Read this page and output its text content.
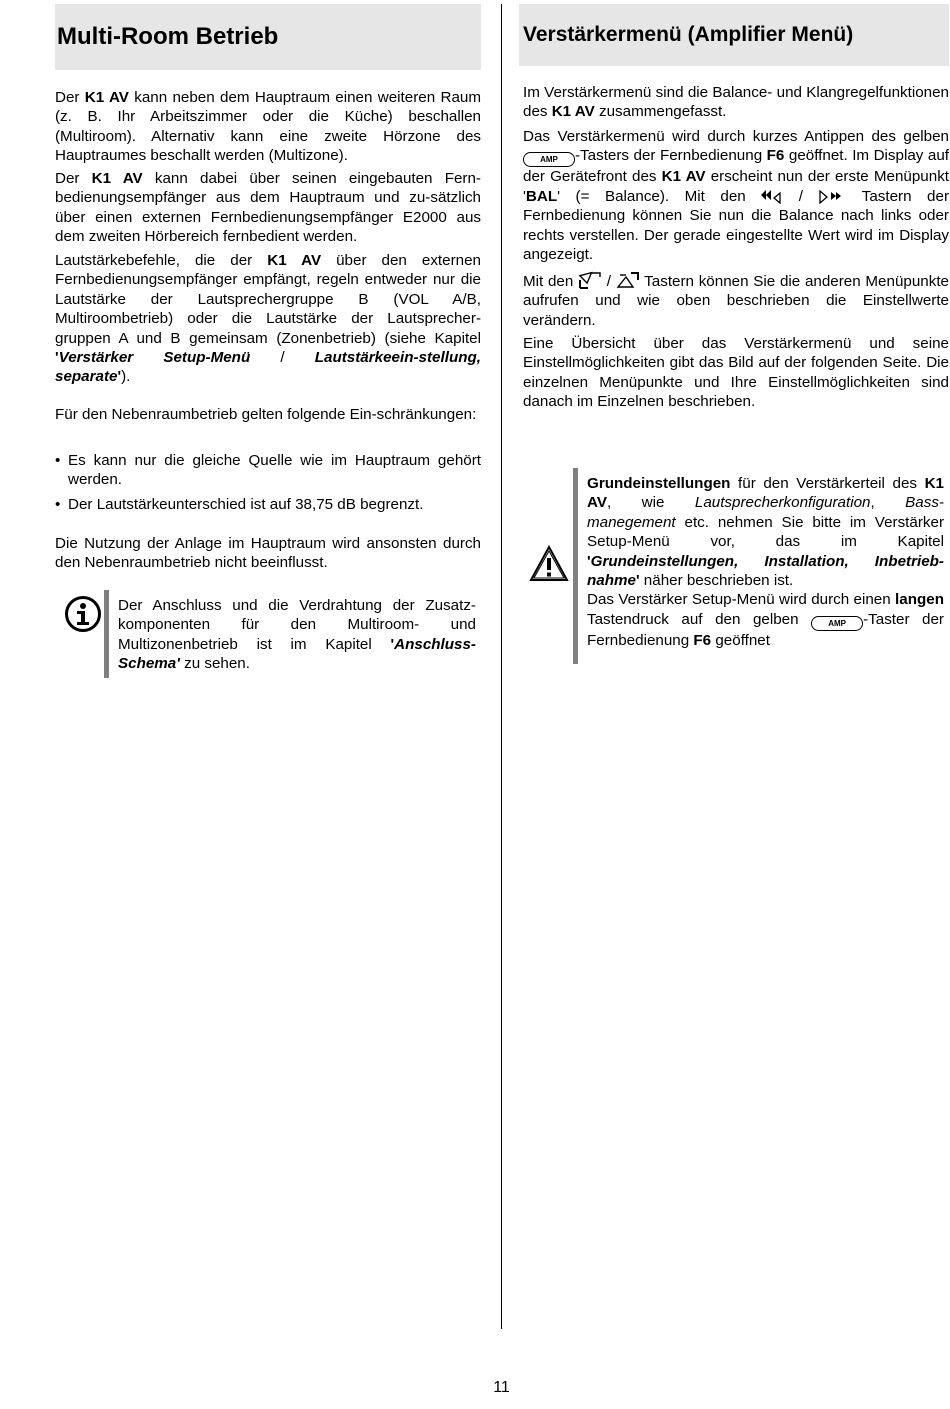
Multi-Room Betrieb

Der K1 AV kann neben dem Hauptraum einen weiteren Raum (z. B. Ihr Arbeitszimmer oder die Küche) beschallen (Multiroom). Alternativ kann eine zweite Hörzone des Hauptraumes beschallt werden (Multizone).

Der K1 AV kann dabei über seinen eingebauten Fern-bedienungsempfänger aus dem Hauptraum und zu-sätzlich über einen externen Fernbedienungsempfänger E2000 aus dem zweiten Hörbereich fernbedient werden.

Lautstärkebefehle, die der K1 AV über den externen Fernbedienungsempfänger empfängt, regeln entweder nur die Lautstärke der Lautsprechergruppe B (VOL A/B, Multiroombetrieb) oder die Lautstärke der Lautsprecher-gruppen A und B gemeinsam (Zonenbetrieb) (siehe Kapitel 'Verstärker Setup-Menü / Lautstärkeein-stellung, separate').

Für den Nebenraumbetrieb gelten folgende Ein-schränkungen:

• Es kann nur die gleiche Quelle wie im Hauptraum gehört werden.
• Der Lautstärkeunterschied ist auf 38,75 dB begrenzt.

Die Nutzung der Anlage im Hauptraum wird ansonsten durch den Nebenraumbetrieb nicht beeinflusst.

Der Anschluss und die Verdrahtung der Zusatz-komponenten für den Multiroom- und Multizonenbetrieb ist im Kapitel 'Anschluss-Schema' zu sehen.

Verstärkermenü (Amplifier Menü)

Im Verstärkermenü sind die Balance- und Klangregelfunktionen des K1 AV zusammengefasst.

Das Verstärkermenü wird durch kurzes Antippen des gelben AMP -Tasters der Fernbedienung F6 geöffnet. Im Display auf der Gerätefront des K1 AV erscheint nun der erste Menüpunkt 'BAL' (= Balance). Mit den  /  Tastern der Fernbedienung können Sie nun die Balance nach links oder rechts verstellen. Der gerade eingestellte Wert wird im Display angezeigt.

Mit den  /  Tastern können Sie die anderen Menüpunkte aufrufen und wie oben beschrieben die Einstellwerte verändern.

Eine Übersicht über das Verstärkermenü und seine Einstellmöglichkeiten gibt das Bild auf der folgenden Seite. Die einzelnen Menüpunkte und Ihre Einstellmöglichkeiten sind danach im Einzelnen beschrieben.

Grundeinstellungen für den Verstärkerteil des K1 AV, wie Lautsprecherkonfiguration, Bass-manegement etc. nehmen Sie bitte im Verstärker Setup-Menü vor, das im Kapitel 'Grundeinstellungen, Installation, Inbetrieb-nahme' näher beschrieben ist.
Das Verstärker Setup-Menü wird durch einen langen Tastendruck auf den gelben AMP -Taster der Fernbedienung F6 geöffnet

11
